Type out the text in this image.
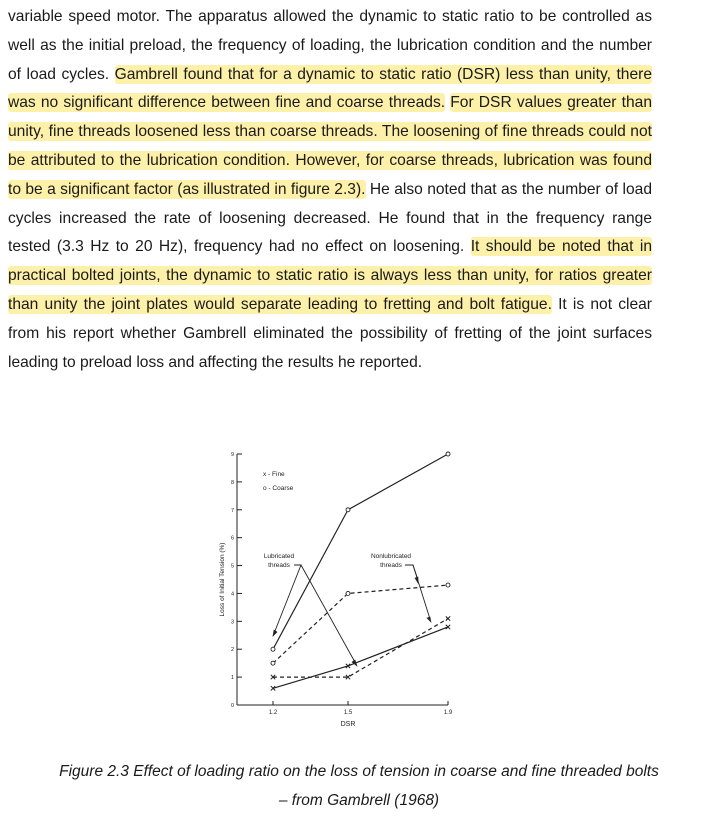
variable speed motor. The apparatus allowed the dynamic to static ratio to be controlled as well as the initial preload, the frequency of loading, the lubrication condition and the number of load cycles. Gambrell found that for a dynamic to static ratio (DSR) less than unity, there was no significant difference between fine and coarse threads. For DSR values greater than unity, fine threads loosened less than coarse threads. The loosening of fine threads could not be attributed to the lubrication condition. However, for coarse threads, lubrication was found to be a significant factor (as illustrated in figure 2.3). He also noted that as the number of load cycles increased the rate of loosening decreased. He found that in the frequency range tested (3.3 Hz to 20 Hz), frequency had no effect on loosening. It should be noted that in practical bolted joints, the dynamic to static ratio is always less than unity, for ratios greater than unity the joint plates would separate leading to fretting and bolt fatigue. It is not clear from his report whether Gambrell eliminated the possibility of fretting of the joint surfaces leading to preload loss and affecting the results he reported.

0
1
2
3
4
5
6
7
8
9
1.2	1.5	1.9
DSR
Loss of Initial Tension (%)
x - Fine
o - Coarse
Lubricated
threads
Nonlubricated
threads
Figure 2.3 Effect of loading ratio on the loss of tension in coarse and fine threaded bolts
– from Gambrell (1968)
